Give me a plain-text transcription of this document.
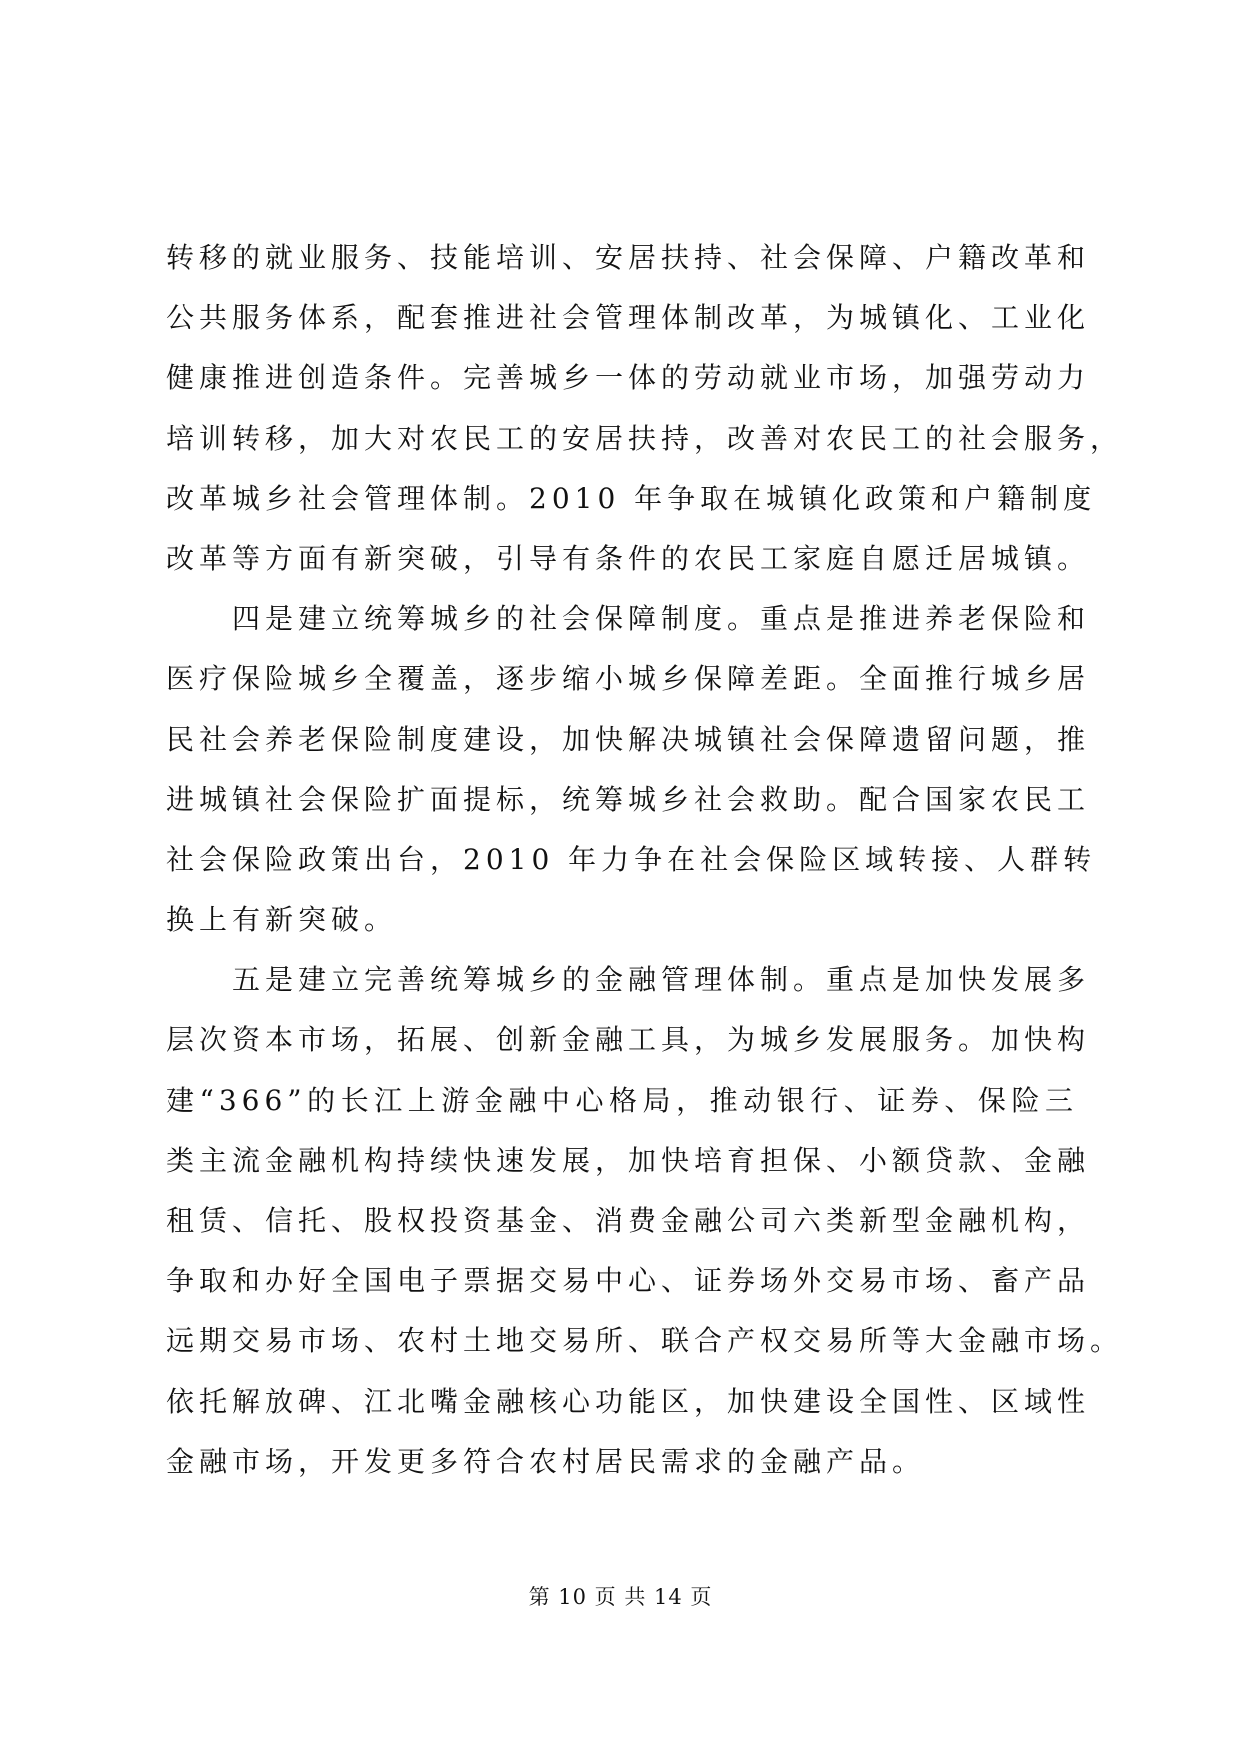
转移的就业服务、技能培训、安居扶持、社会保障、户籍改革和
公共服务体系，配套推进社会管理体制改革，为城镇化、工业化
健康推进创造条件。完善城乡一体的劳动就业市场，加强劳动力
培训转移，加大对农民工的安居扶持，改善对农民工的社会服务，
改革城乡社会管理体制。2010 年争取在城镇化政策和户籍制度
改革等方面有新突破，引导有条件的农民工家庭自愿迁居城镇。
四是建立统筹城乡的社会保障制度。重点是推进养老保险和
医疗保险城乡全覆盖，逐步缩小城乡保障差距。全面推行城乡居
民社会养老保险制度建设，加快解决城镇社会保障遗留问题，推
进城镇社会保险扩面提标，统筹城乡社会救助。配合国家农民工
社会保险政策出台，2010 年力争在社会保险区域转接、人群转
换上有新突破。
五是建立完善统筹城乡的金融管理体制。重点是加快发展多
层次资本市场，拓展、创新金融工具，为城乡发展服务。加快构
建“366”的长江上游金融中心格局，推动银行、证券、保险三
类主流金融机构持续快速发展，加快培育担保、小额贷款、金融
租赁、信托、股权投资基金、消费金融公司六类新型金融机构，
争取和办好全国电子票据交易中心、证券场外交易市场、畜产品
远期交易市场、农村土地交易所、联合产权交易所等大金融市场。
依托解放碑、江北嘴金融核心功能区，加快建设全国性、区域性
金融市场，开发更多符合农村居民需求的金融产品。
第 10 页 共 14 页
